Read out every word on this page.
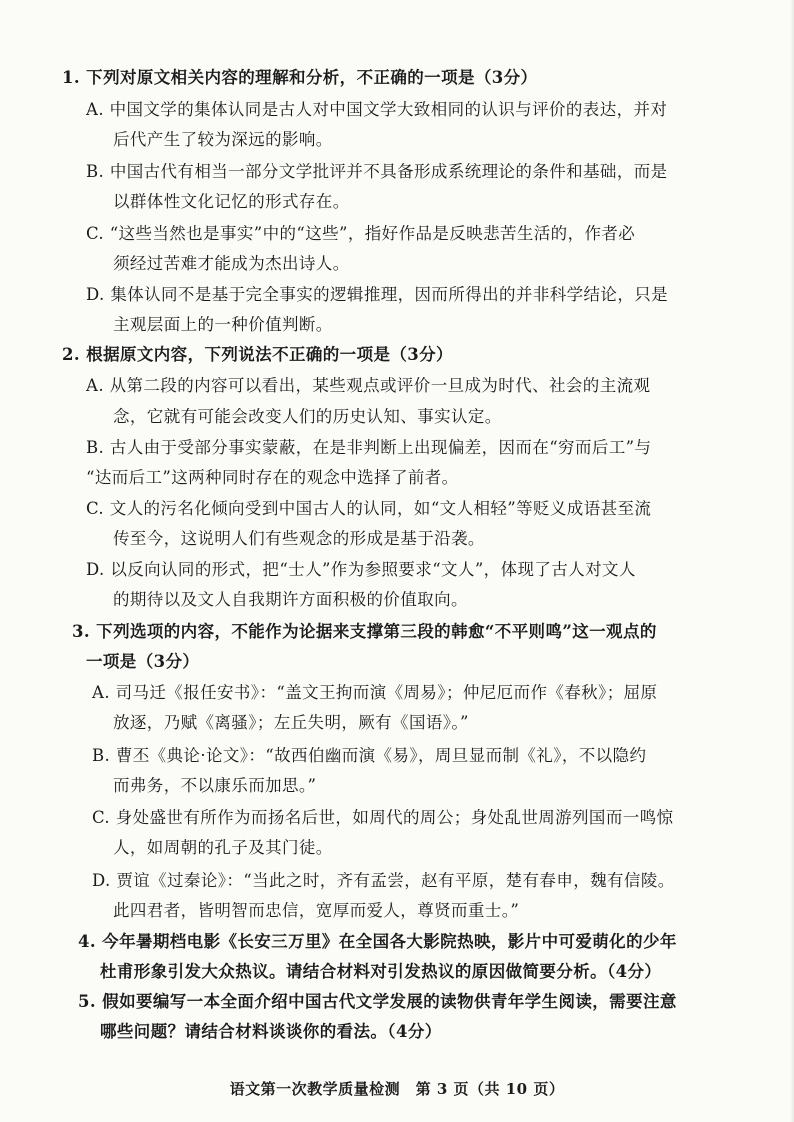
1. 下列对原文相关内容的理解和分析，不正确的一项是（3分）
A. 中国文学的集体认同是古人对中国文学大致相同的认识与评价的表达，并对
后代产生了较为深远的影响。
B. 中国古代有相当一部分文学批评并不具备形成系统理论的条件和基础，而是
以群体性文化记忆的形式存在。
C. “这些当然也是事实”中的“这些”，指好作品是反映悲苦生活的，作者必
须经过苦难才能成为杰出诗人。
D. 集体认同不是基于完全事实的逻辑推理，因而所得出的并非科学结论，只是
主观层面上的一种价值判断。
2. 根据原文内容，下列说法不正确的一项是（3分）
A. 从第二段的内容可以看出，某些观点或评价一旦成为时代、社会的主流观
念，它就有可能会改变人们的历史认知、事实认定。
B. 古人由于受部分事实蒙蔽，在是非判断上出现偏差，因而在“穷而后工”与
“达而后工”这两种同时存在的观念中选择了前者。
C. 文人的污名化倾向受到中国古人的认同，如“文人相轻”等贬义成语甚至流
传至今，这说明人们有些观念的形成是基于沿袭。
D. 以反向认同的形式，把“士人”作为参照要求“文人”，体现了古人对文人
的期待以及文人自我期许方面积极的价值取向。
3. 下列选项的内容，不能作为论据来支撑第三段的韩愈“不平则鸣”这一观点的
一项是（3分）
A. 司马迁《报任安书》：“盖文王拘而演《周易》；仲尼厄而作《春秋》；屈原
放逐，乃赋《离骚》；左丘失明，厥有《国语》。”
B. 曹丕《典论·论文》：“故西伯幽而演《易》，周旦显而制《礼》，不以隐约
而弗务，不以康乐而加思。”
C. 身处盛世有所作为而扬名后世，如周代的周公；身处乱世周游列国而一鸣惊
人，如周朝的孔子及其门徒。
D. 贾谊《过秦论》：“当此之时，齐有孟尝，赵有平原，楚有春申，魏有信陵。
此四君者，皆明智而忠信，宽厚而爱人，尊贤而重士。”
4. 今年暑期档电影《长安三万里》在全国各大影院热映，影片中可爱萌化的少年
杜甫形象引发大众热议。请结合材料对引发热议的原因做简要分析。（4分）
5. 假如要编写一本全面介绍中国古代文学发展的读物供青年学生阅读，需要注意
哪些问题？请结合材料谈谈你的看法。（4分）
语文第一次教学质量检测　第 3 页（共 10 页）
